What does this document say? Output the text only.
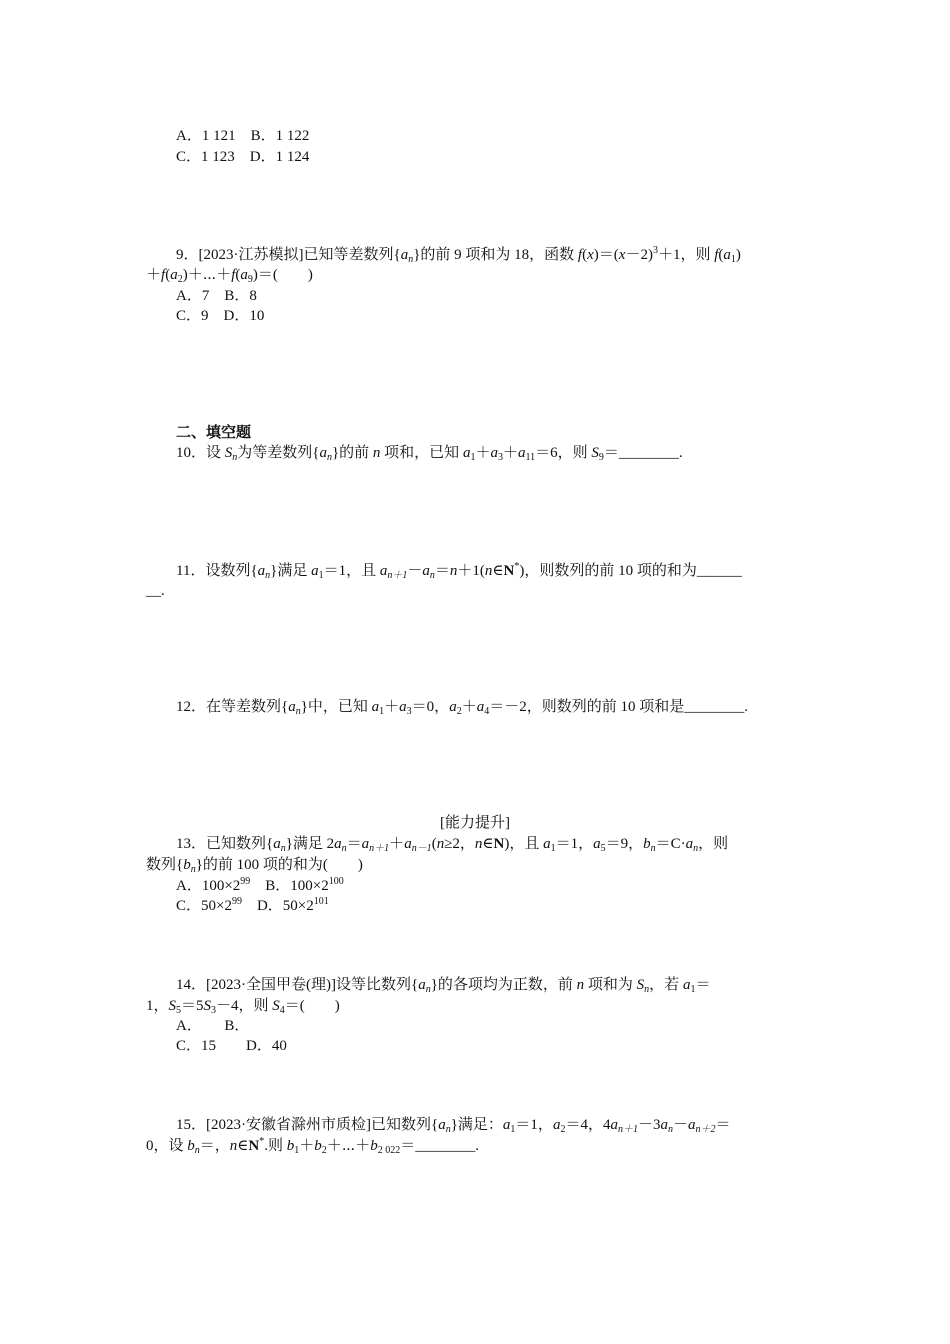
A．1 121　B．1 122
C．1 123　D．1 124
9．[2023·江苏模拟]已知等差数列$\{a_n\}$的前 9 项和为 18，函数 $f(x)=(x-2)^3+1$，则 $f(a_1)$
$+f(a_2)+\cdots+f(a_9)=$(　　)
A．7　B．8
C．9　D．10
二、填空题
10．设 $S_n$为等差数列$\{a_n\}$的前 n 项和，已知 $a_1+a_3+a_{11}=6$，则 $S_9=\_\_\_\_\_\_\_\_$.
11．设数列$\{a_n\}$满足 $a_1=1$，且 $a_{n+1}-a_n=n+1(n\in N^*)$，则数列的前 10 项的和为______
__.
12．在等差数列$\{a_n\}$中，已知 $a_1+a_3=0$，$a_2+a_4=-2$，则数列的前 10 项和是________.
[能力提升]
13．已知数列$\{a_n\}$满足 $2a_n=a_{n+1}+a_{n-1}(n\ge 2$，n∈N)，且 $a_1=1$，$a_5=9$，$b_n=C\cdot a_n$，则
数列$\{b_n\}$的前 100 项的和为(　　)
A．$100\times 2^{99}$　B．$100\times 2^{100}$
C．$50\times 2^{99}$　D．$50\times 2^{101}$
14．[2023·全国甲卷(理)]设等比数列$\{a_n\}$的各项均为正数，前 n 项和为 $S_n$，若 $a_1=$
1，$S_5=5S_3-4$，则 $S_4=$(　　)
A．　　B．
C．15　　D．40
15．[2023·安徽省滁州市质检]已知数列$\{a_n\}$满足：$a_1=1$，$a_2=4$，$4a_{n+1}-3a_n-a_{n+2}=$
0，设 $b_n=$，n∈N*.则 $b_1+b_2+\cdots+b_{2 022}=\_\_\_\_\_\_\_\_$.
